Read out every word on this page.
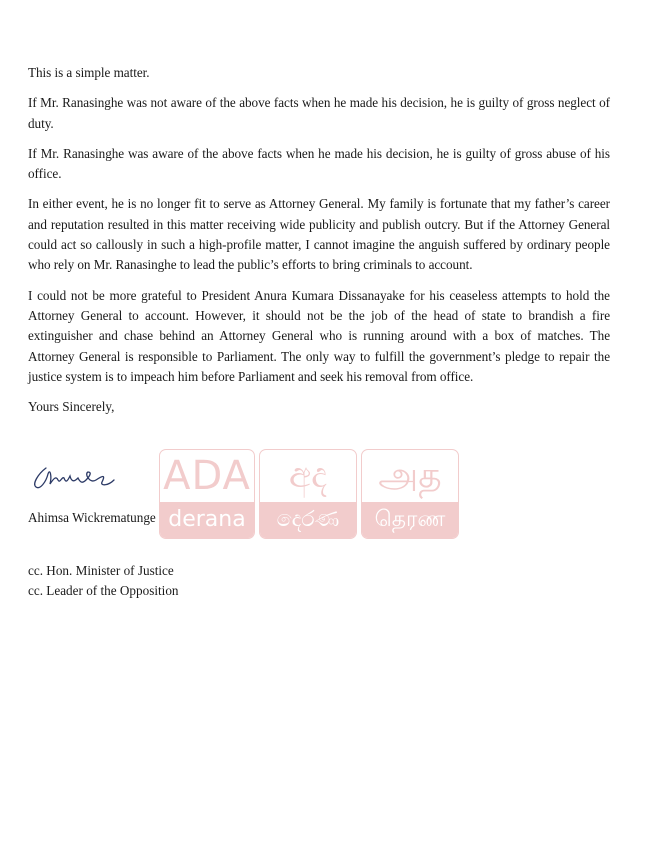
This is a simple matter.

If Mr. Ranasinghe was not aware of the above facts when he made his decision, he is guilty of gross neglect of duty.

If Mr. Ranasinghe was aware of the above facts when he made his decision, he is guilty of gross abuse of his office.

In either event, he is no longer fit to serve as Attorney General. My family is fortunate that my father’s career and reputation resulted in this matter receiving wide publicity and publish outcry. But if the Attorney General could act so callously in such a high-profile matter, I cannot imagine the anguish suffered by ordinary people who rely on Mr. Ranasinghe to lead the public’s efforts to bring criminals to account.

I could not be more grateful to President Anura Kumara Dissanayake for his ceaseless attempts to hold the Attorney General to account. However, it should not be the job of the head of state to brandish a fire extinguisher and chase behind an Attorney General who is running around with a box of matches. The Attorney General is responsible to Parliament. The only way to fulfill the government’s pledge to repair the justice system is to impeach him before Parliament and seek his removal from office.

Yours Sincerely,
Ahimsa Wickrematunge
cc. Hon. Minister of Justice
cc. Leader of the Opposition
ADA
derana
අද
දෙරණ
அத
தெரண
